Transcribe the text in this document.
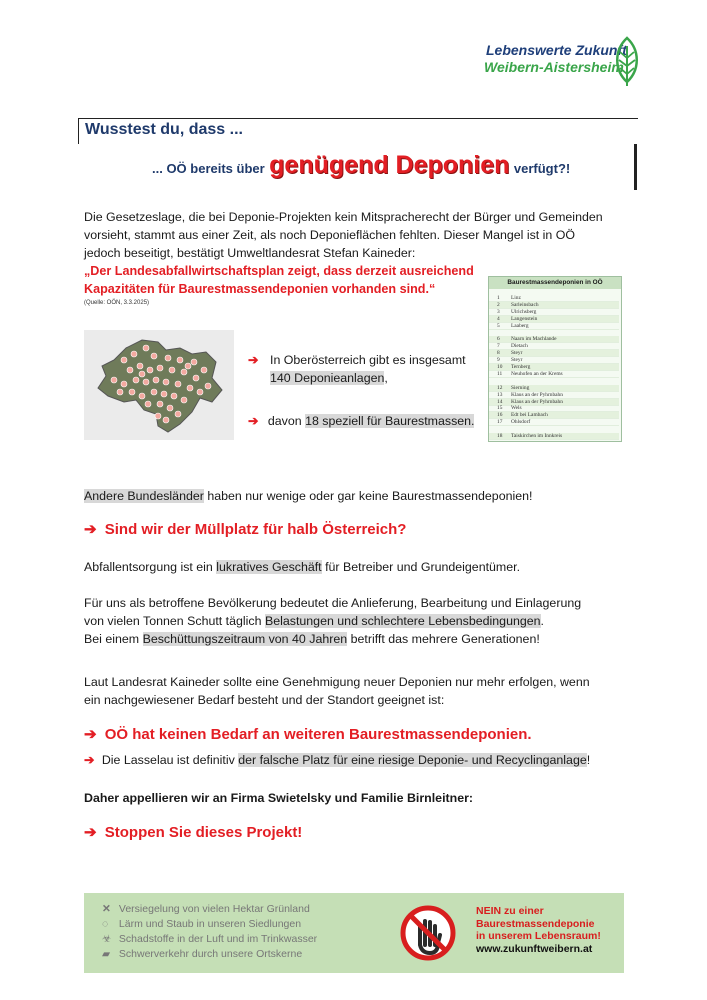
Lebenswerte Zukunft
Weibern-Aistersheim
Wusstest du, dass ...
... OÖ bereits über genügend Deponien verfügt?!
Die Gesetzeslage, die bei Deponie-Projekten kein Mitspracherecht der Bürger und Gemeinden
vorsieht, stammt aus einer Zeit, als noch Deponieflächen fehlten. Dieser Mangel ist in OÖ
jedoch beseitigt, bestätigt Umweltlandesrat Stefan Kaineder:
„Der Landesabfallwirtschaftsplan zeigt, dass derzeit ausreichend
Kapazitäten für Baurestmassendeponien vorhanden sind.“
(Quelle: OÖN, 3.3.2025)
➔ In Oberösterreich gibt es insgesamt
140 Deponieanlagen,
➔ davon 18 speziell für Baurestmassen.
Baurestmassendeponien in OÖ
1 Linz
2 Sarleinsbach
3 Ulrichsberg
4 Langenstein
5 Laaberg
6 Naarn im Machlande
7 Dietach
8 Steyr
9 Steyr
10 Ternberg
11 Neuhofen an der Krems
12 Sierning
13 Klaus an der Pyhrnbahn
14 Klaus an der Pyhrnbahn
15 Wels
16 Edt bei Lambach
17 Ohlsdorf
18 Taiskirchen im Innkreis
Andere Bundesländer haben nur wenige oder gar keine Baurestmassendeponien!
➔ Sind wir der Müllplatz für halb Österreich?
Abfallentsorgung ist ein lukratives Geschäft für Betreiber und Grundeigentümer.
Für uns als betroffene Bevölkerung bedeutet die Anlieferung, Bearbeitung und Einlagerung
von vielen Tonnen Schutt täglich Belastungen und schlechtere Lebensbedingungen.
Bei einem Beschüttungszeitraum von 40 Jahren betrifft das mehrere Generationen!
Laut Landesrat Kaineder sollte eine Genehmigung neuer Deponien nur mehr erfolgen, wenn
ein nachgewiesener Bedarf besteht und der Standort geeignet ist:
➔ OÖ hat keinen Bedarf an weiteren Baurestmassendeponien.
➔ Die Lasselau ist definitiv der falsche Platz für eine riesige Deponie- und Recyclinganlage!
Daher appellieren wir an Firma Swietelsky und Familie Birnleitner:
➔ Stoppen Sie dieses Projekt!
✕ Versiegelung von vielen Hektar Grünland
◌ Lärm und Staub in unseren Siedlungen
☣ Schadstoffe in der Luft und im Trinkwasser
▰ Schwerverkehr durch unsere Ortskerne
NEIN zu einer
Baurestmassendeponie
in unserem Lebensraum!
www.zukunftweibern.at
